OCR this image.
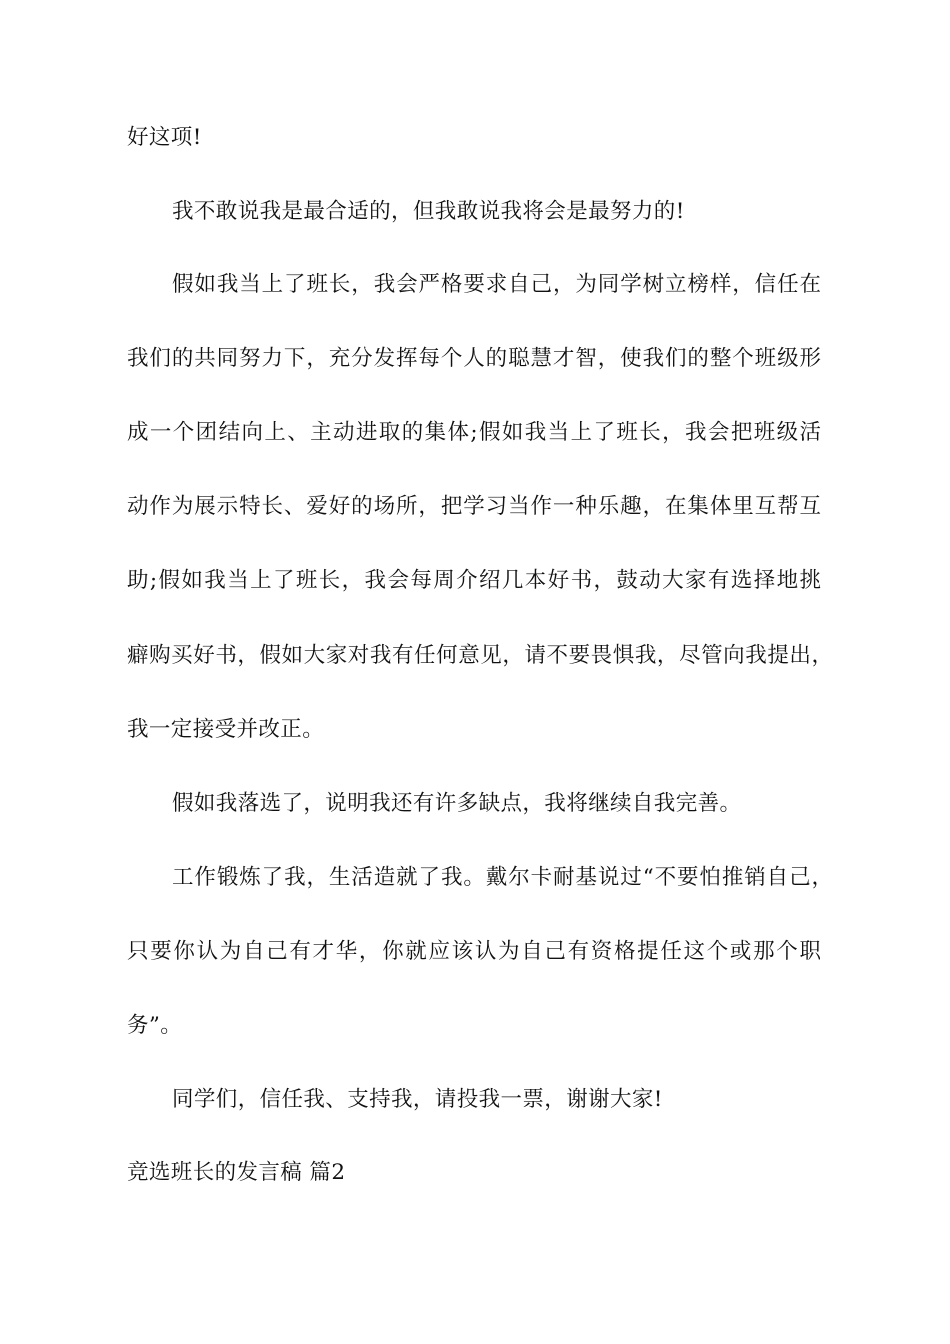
好这项!
我不敢说我是最合适的，但我敢说我将会是最努力的!
假如我当上了班长，我会严格要求自己，为同学树立榜样，信任在
我们的共同努力下，充分发挥每个人的聪慧才智，使我们的整个班级形
成一个团结向上、主动进取的集体;假如我当上了班长，我会把班级活
动作为展示特长、爱好的场所，把学习当作一种乐趣，在集体里互帮互
助;假如我当上了班长，我会每周介绍几本好书，鼓动大家有选择地挑
癖购买好书，假如大家对我有任何意见，请不要畏惧我，尽管向我提出，
我一定接受并改正。
假如我落选了，说明我还有许多缺点，我将继续自我完善。
工作锻炼了我，生活造就了我。戴尔卡耐基说过“不要怕推销自己，
只要你认为自己有才华，你就应该认为自己有资格提任这个或那个职
务”。
同学们，信任我、支持我，请投我一票，谢谢大家!
竞选班长的发言稿 篇2
